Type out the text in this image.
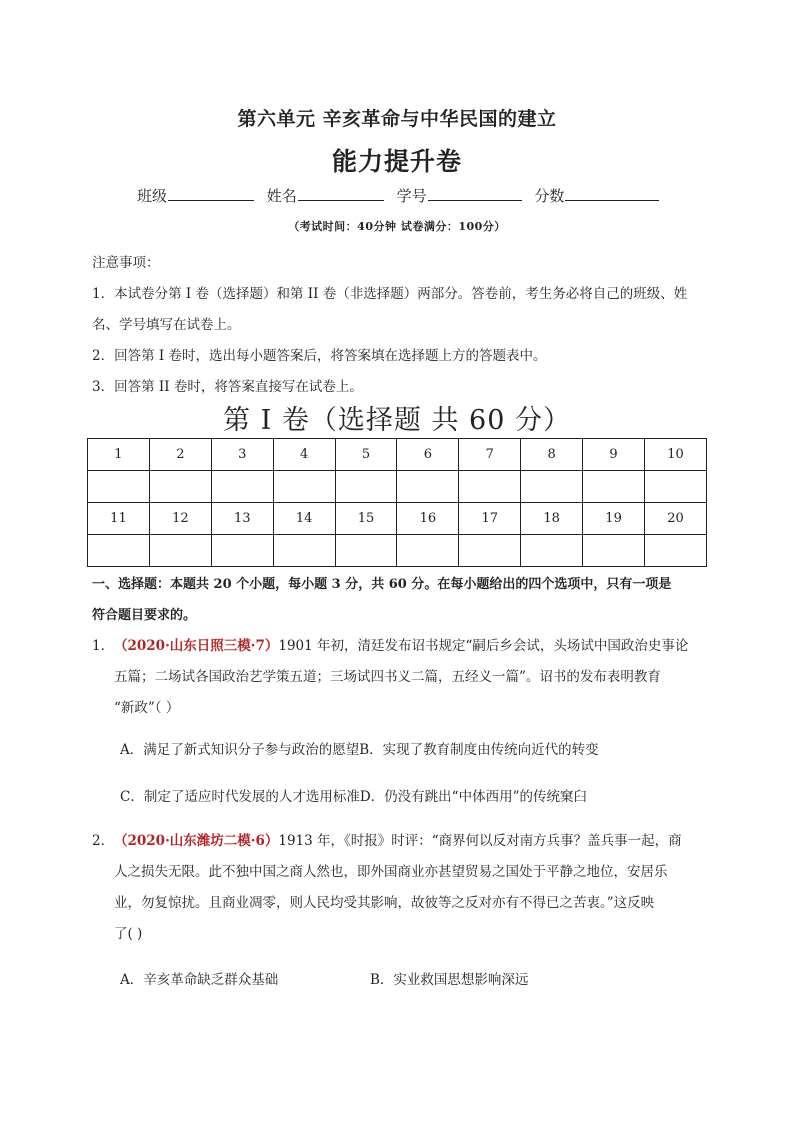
第六单元 辛亥革命与中华民国的建立
能力提升卷
班级	姓名	学号	分数
（考试时间：40分钟 试卷满分：100分）

注意事项：

1．本试卷分第 I 卷（选择题）和第 II 卷（非选择题）两部分。答卷前，考生务必将自己的班级、姓

名、学号填写在试卷上。

2．回答第 I 卷时，选出每小题答案后，将答案填在选择题上方的答题表中。

3．回答第 II 卷时，将答案直接写在试卷上。

第 I 卷（选择题 共 60 分）
1	2	3	4	5	6	7	8	9	10

11	12	13	14	15	16	17	18	19	20

一、选择题：本题共 20 个小题，每小题 3 分，共 60 分。在每小题给出的四个选项中，只有一项是
符合题目要求的。
1．（2020·山东日照三模·7）1901 年初，清廷发布诏书规定“嗣后乡会试，头场试中国政治史事论
五篇；二场试各国政治艺学策五道；三场试四书义二篇，五经义一篇”。诏书的发布表明教育
“新政”（ ）
A．满足了新式知识分子参与政治的愿望B．实现了教育制度由传统向近代的转变
C．制定了适应时代发展的人才选用标准D．仍没有跳出“中体西用”的传统窠臼
2．（2020·山东潍坊二模·6）1913 年，《时报》时评：“商界何以反对南方兵事？盖兵事一起，商
人之损失无限。此不独中国之商人然也，即外国商业亦甚望贸易之国处于平静之地位，安居乐
业，勿复惊扰。且商业凋零，则人民均受其影响，故彼等之反对亦有不得已之苦衷。”这反映
了( )
A．辛亥革命缺乏群众基础	B．实业救国思想影响深远
